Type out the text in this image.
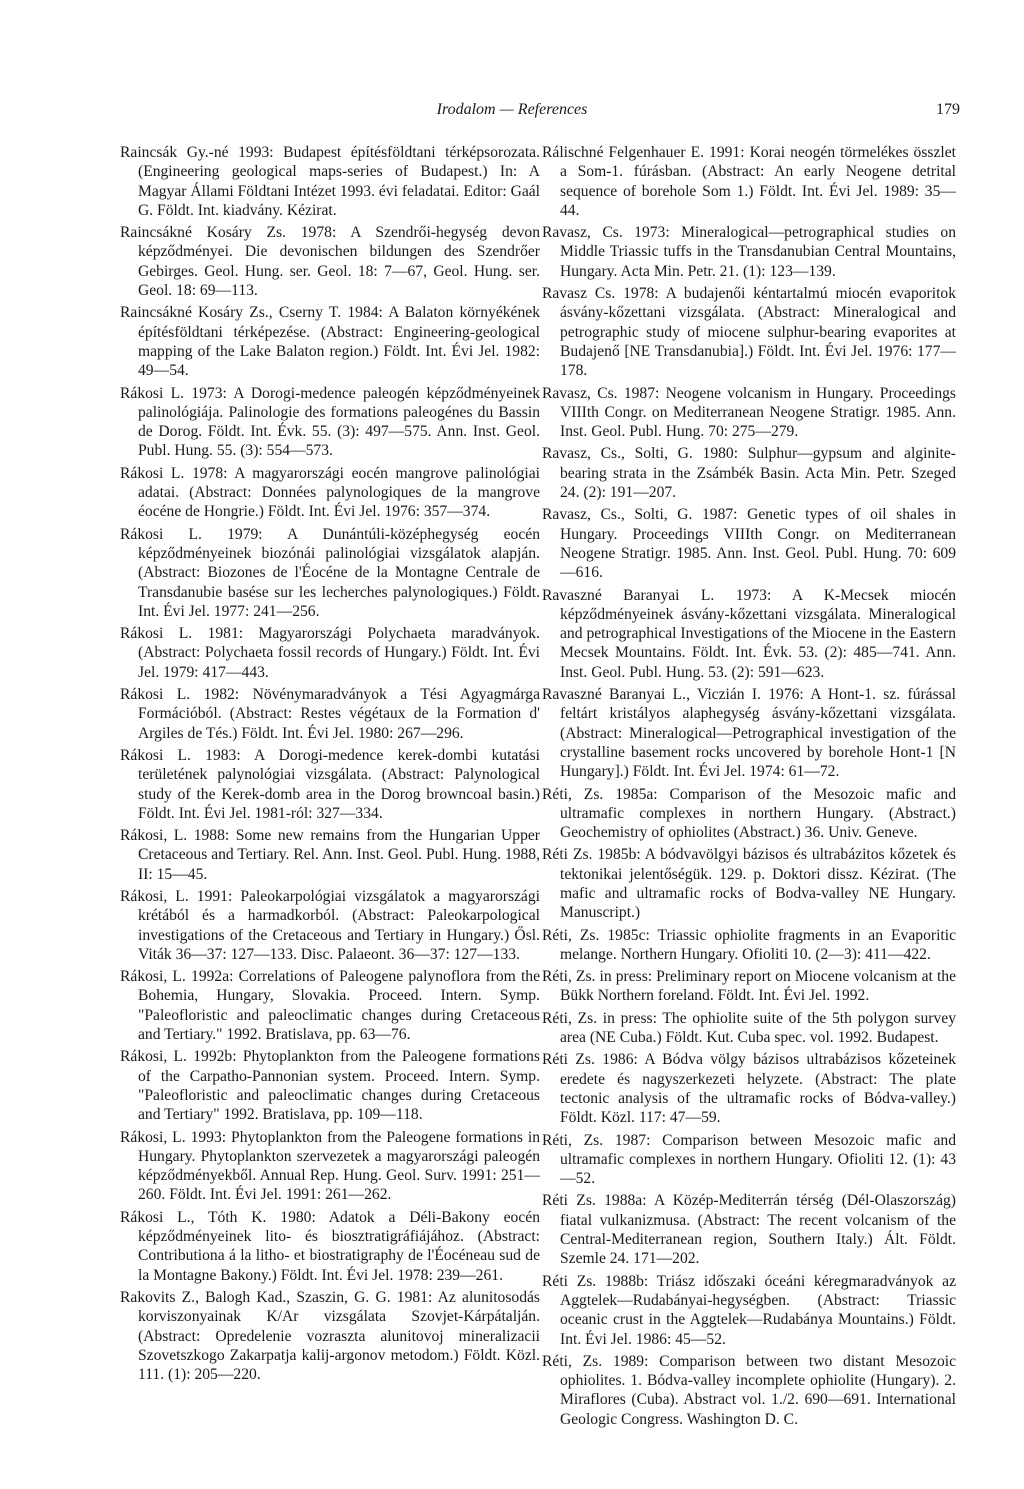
Irodalom — References	179

Raincsák Gy.-né 1993: Budapest építésföldtani térképsorozata. (Engineering geological maps-series of Budapest.) In: A Magyar Állami Földtani Intézet 1993. évi feladatai. Editor: Gaál G. Földt. Int. kiadvány. Kézirat.

Raincsákné Kosáry Zs. 1978: A Szendrői-hegység devon képződményei. Die devonischen bildungen des Szendrőer Gebirges. Geol. Hung. ser. Geol. 18: 7—67, Geol. Hung. ser. Geol. 18: 69—113.

Raincsákné Kosáry Zs., Cserny T. 1984: A Balaton környékének építésföldtani térképezése. (Abstract: Engineering-geological mapping of the Lake Balaton region.) Földt. Int. Évi Jel. 1982: 49—54.

Rákosi L. 1973: A Dorogi-medence paleogén képződményeinek palinológiája. Palinologie des formations paleogénes du Bassin de Dorog. Földt. Int. Évk. 55. (3): 497—575. Ann. Inst. Geol. Publ. Hung. 55. (3): 554—573.

Rákosi L. 1978: A magyarországi eocén mangrove palinológiai adatai. (Abstract: Données palynologiques de la mangrove éocéne de Hongrie.) Földt. Int. Évi Jel. 1976: 357—374.

Rákosi L. 1979: A Dunántúli-középhegység eocén képződményeinek biozónái palinológiai vizsgálatok alapján. (Abstract: Biozones de l'Éocéne de la Montagne Centrale de Transdanubie basése sur les lecherches palynologiques.) Földt. Int. Évi Jel. 1977: 241—256.

Rákosi L. 1981: Magyarországi Polychaeta maradványok. (Abstract: Polychaeta fossil records of Hungary.) Földt. Int. Évi Jel. 1979: 417—443.

Rákosi L. 1982: Növénymaradványok a Tési Agyagmárga Formációból. (Abstract: Restes végétaux de la Formation d' Argiles de Tés.) Földt. Int. Évi Jel. 1980: 267—296.

Rákosi L. 1983: A Dorogi-medence kerek-dombi kutatási területének palynológiai vizsgálata. (Abstract: Palynological study of the Kerek-domb area in the Dorog browncoal basin.) Földt. Int. Évi Jel. 1981-ról: 327—334.

Rákosi, L. 1988: Some new remains from the Hungarian Upper Cretaceous and Tertiary. Rel. Ann. Inst. Geol. Publ. Hung. 1988, II: 15—45.

Rákosi, L. 1991: Paleokarpológiai vizsgálatok a magyarországi krétából és a harmadkorból. (Abstract: Paleokarpological investigations of the Cretaceous and Tertiary in Hungary.) Ősl. Viták 36—37: 127—133. Disc. Palaeont. 36—37: 127—133.

Rákosi, L. 1992a: Correlations of Paleogene palynoflora from the Bohemia, Hungary, Slovakia. Proceed. Intern. Symp. "Paleofloristic and paleoclimatic changes during Cretaceous and Tertiary." 1992. Bratislava, pp. 63—76.

Rákosi, L. 1992b: Phytoplankton from the Paleogene formations of the Carpatho-Pannonian system. Proceed. Intern. Symp. "Paleofloristic and paleoclimatic changes during Cretaceous and Tertiary" 1992. Bratislava, pp. 109—118.

Rákosi, L. 1993: Phytoplankton from the Paleogene formations in Hungary. Phytoplankton szervezetek a magyarországi paleogén képződményekből. Annual Rep. Hung. Geol. Surv. 1991: 251—260. Földt. Int. Évi Jel. 1991: 261—262.

Rákosi L., Tóth K. 1980: Adatok a Déli-Bakony eocén képződményeinek lito- és biosztratigráfiájához. (Abstract: Contributiona á la litho- et biostratigraphy de l'Éocéneau sud de la Montagne Bakony.) Földt. Int. Évi Jel. 1978: 239—261.

Rakovits Z., Balogh Kad., Szaszin, G. G. 1981: Az alunitosodás korviszonyainak K/Ar vizsgálata Szovjet-Kárpátalján. (Abstract: Opredelenie vozraszta alunitovoj mineralizacii Szovetszkogo Zakarpatja kalij-argonov metodom.) Földt. Közl. 111. (1): 205—220.

Rálischné Felgenhauer E. 1991: Korai neogén törmelékes összlet a Som-1. fúrásban. (Abstract: An early Neogene detrital sequence of borehole Som 1.) Földt. Int. Évi Jel. 1989: 35—44.

Ravasz, Cs. 1973: Mineralogical—petrographical studies on Middle Triassic tuffs in the Transdanubian Central Mountains, Hungary. Acta Min. Petr. 21. (1): 123—139.

Ravasz Cs. 1978: A budajenői kéntartalmú miocén evaporitok ásvány-kőzettani vizsgálata. (Abstract: Mineralogical and petrographic study of miocene sulphur-bearing evaporites at Budajenő [NE Transdanubia].) Földt. Int. Évi Jel. 1976: 177—178.

Ravasz, Cs. 1987: Neogene volcanism in Hungary. Proceedings VIIIth Congr. on Mediterranean Neogene Stratigr. 1985. Ann. Inst. Geol. Publ. Hung. 70: 275—279.

Ravasz, Cs., Solti, G. 1980: Sulphur—gypsum and alginite-bearing strata in the Zsámbék Basin. Acta Min. Petr. Szeged 24. (2): 191—207.

Ravasz, Cs., Solti, G. 1987: Genetic types of oil shales in Hungary. Proceedings VIIIth Congr. on Mediterranean Neogene Stratigr. 1985. Ann. Inst. Geol. Publ. Hung. 70: 609—616.

Ravaszné Baranyai L. 1973: A K-Mecsek miocén képződményeinek ásvány-kőzettani vizsgálata. Mineralogical and petrographical Investigations of the Miocene in the Eastern Mecsek Mountains. Földt. Int. Évk. 53. (2): 485—741. Ann. Inst. Geol. Publ. Hung. 53. (2): 591—623.

Ravaszné Baranyai L., Viczián I. 1976: A Hont-1. sz. fúrással feltárt kristályos alaphegység ásvány-kőzettani vizsgálata. (Abstract: Mineralogical—Petrographical investigation of the crystalline basement rocks uncovered by borehole Hont-1 [N Hungary].) Földt. Int. Évi Jel. 1974: 61—72.

Réti, Zs. 1985a: Comparison of the Mesozoic mafic and ultramafic complexes in northern Hungary. (Abstract.) Geochemistry of ophiolites (Abstract.) 36. Univ. Geneve.

Réti Zs. 1985b: A bódvavölgyi bázisos és ultrabázitos kőzetek és tektonikai jelentőségük. 129. p. Doktori dissz. Kézirat. (The mafic and ultramafic rocks of Bodva-valley NE Hungary. Manuscript.)

Réti, Zs. 1985c: Triassic ophiolite fragments in an Evaporitic melange. Northern Hungary. Ofioliti 10. (2—3): 411—422.

Réti, Zs. in press: Preliminary report on Miocene volcanism at the Bükk Northern foreland. Földt. Int. Évi Jel. 1992.

Réti, Zs. in press: The ophiolite suite of the 5th polygon survey area (NE Cuba.) Földt. Kut. Cuba spec. vol. 1992. Budapest.

Réti Zs. 1986: A Bódva völgy bázisos ultrabázisos kőzeteinek eredete és nagyszerkezeti helyzete. (Abstract: The plate tectonic analysis of the ultramafic rocks of Bódva-valley.) Földt. Közl. 117: 47—59.

Réti, Zs. 1987: Comparison between Mesozoic mafic and ultramafic complexes in northern Hungary. Ofioliti 12. (1): 43—52.

Réti Zs. 1988a: A Közép-Mediterrán térség (Dél-Olaszország) fiatal vulkanizmusa. (Abstract: The recent volcanism of the Central-Mediterranean region, Southern Italy.) Ált. Földt. Szemle 24. 171—202.

Réti Zs. 1988b: Triász időszaki óceáni kéregmaradványok az Aggtelek—Rudabányai-hegységben. (Abstract: Triassic oceanic crust in the Aggtelek—Rudabánya Mountains.) Földt. Int. Évi Jel. 1986: 45—52.

Réti, Zs. 1989: Comparison between two distant Mesozoic ophiolites. 1. Bódva-valley incomplete ophiolite (Hungary). 2. Miraflores (Cuba). Abstract vol. 1./2. 690—691. International Geologic Congress. Washington D. C.
